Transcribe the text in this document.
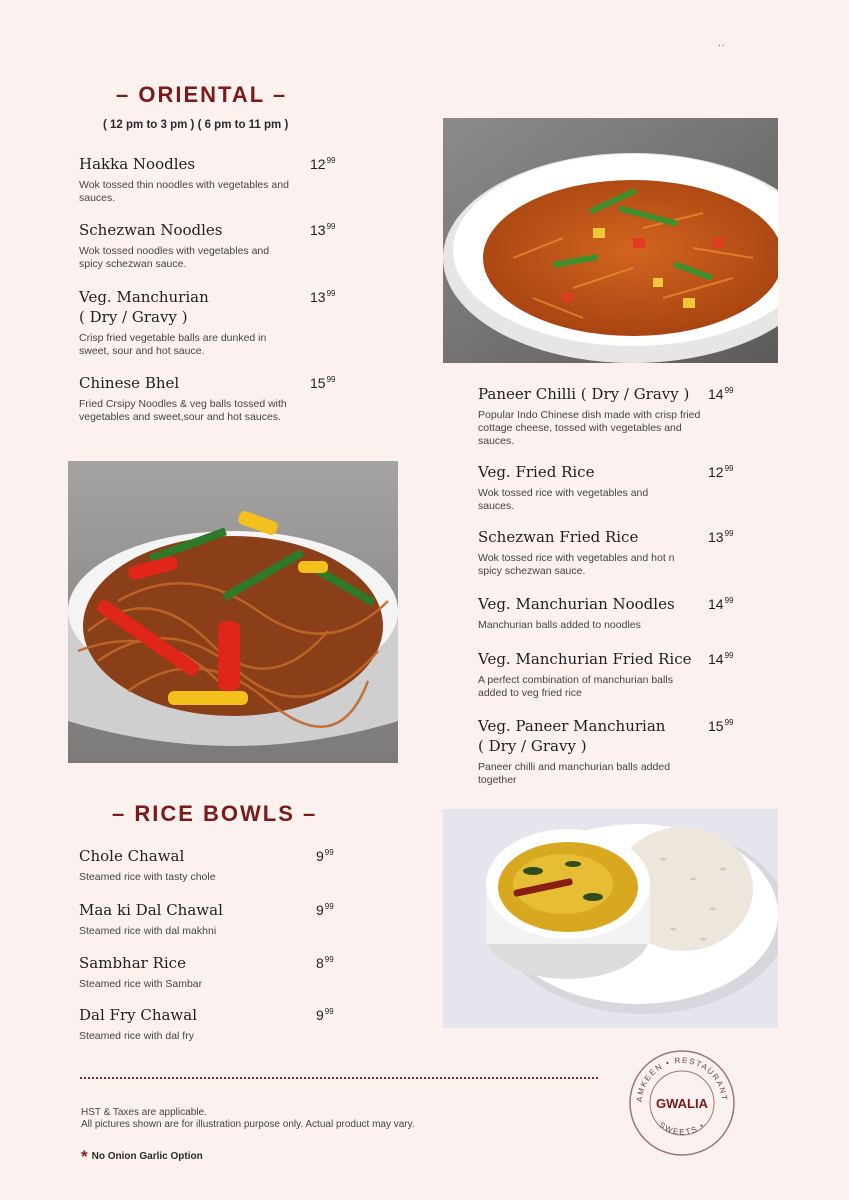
..
– ORIENTAL –
( 12 pm to 3 pm ) ( 6 pm to 11 pm )
Hakka Noodles
Wok tossed thin noodles with vegetables and sauces.
$12^{99}$
Schezwan Noodles
Wok tossed noodles with vegetables and spicy schezwan sauce.
$13^{99}$
Veg. Manchurian
( Dry / Gravy )
Crisp fried vegetable balls are dunked in sweet, sour and hot sauce.
$13^{99}$
Chinese Bhel
Fried Crsipy Noodles & veg balls tossed with vegetables and sweet,sour and hot sauces.
$15^{99}$
Paneer Chilli ( Dry / Gravy )
Popular Indo Chinese dish made with crisp fried cottage cheese, tossed with vegetables and sauces.
$14^{99}$
Veg. Fried Rice
Wok tossed rice with vegetables and sauces.
$12^{99}$
Schezwan Fried Rice
Wok tossed rice with vegetables and hot n spicy schezwan sauce.
$13^{99}$
Veg. Manchurian Noodles
Manchurian balls added to noodles
$14^{99}$
Veg. Manchurian Fried Rice
A perfect combination of manchurian balls added to veg fried rice
$14^{99}$
Veg. Paneer Manchurian
( Dry / Gravy )
Paneer chilli and manchurian balls added together
$15^{99}$
– RICE BOWLS –
Chole Chawal
Steamed rice with tasty chole
$9^{99}$
Maa ki Dal Chawal
Steamed rice with dal makhni
$9^{99}$
Sambhar Rice
Steamed rice with Sambar
$8^{99}$
Dal Fry Chawal
Steamed rice with dal fry
$9^{99}$
HST & Taxes are applicable.
All pictures shown are for illustration purpose only. Actual product may vary.
* No Onion Garlic Option
AMKEEN • RESTAURANT
SWEETS •
GWALIA
